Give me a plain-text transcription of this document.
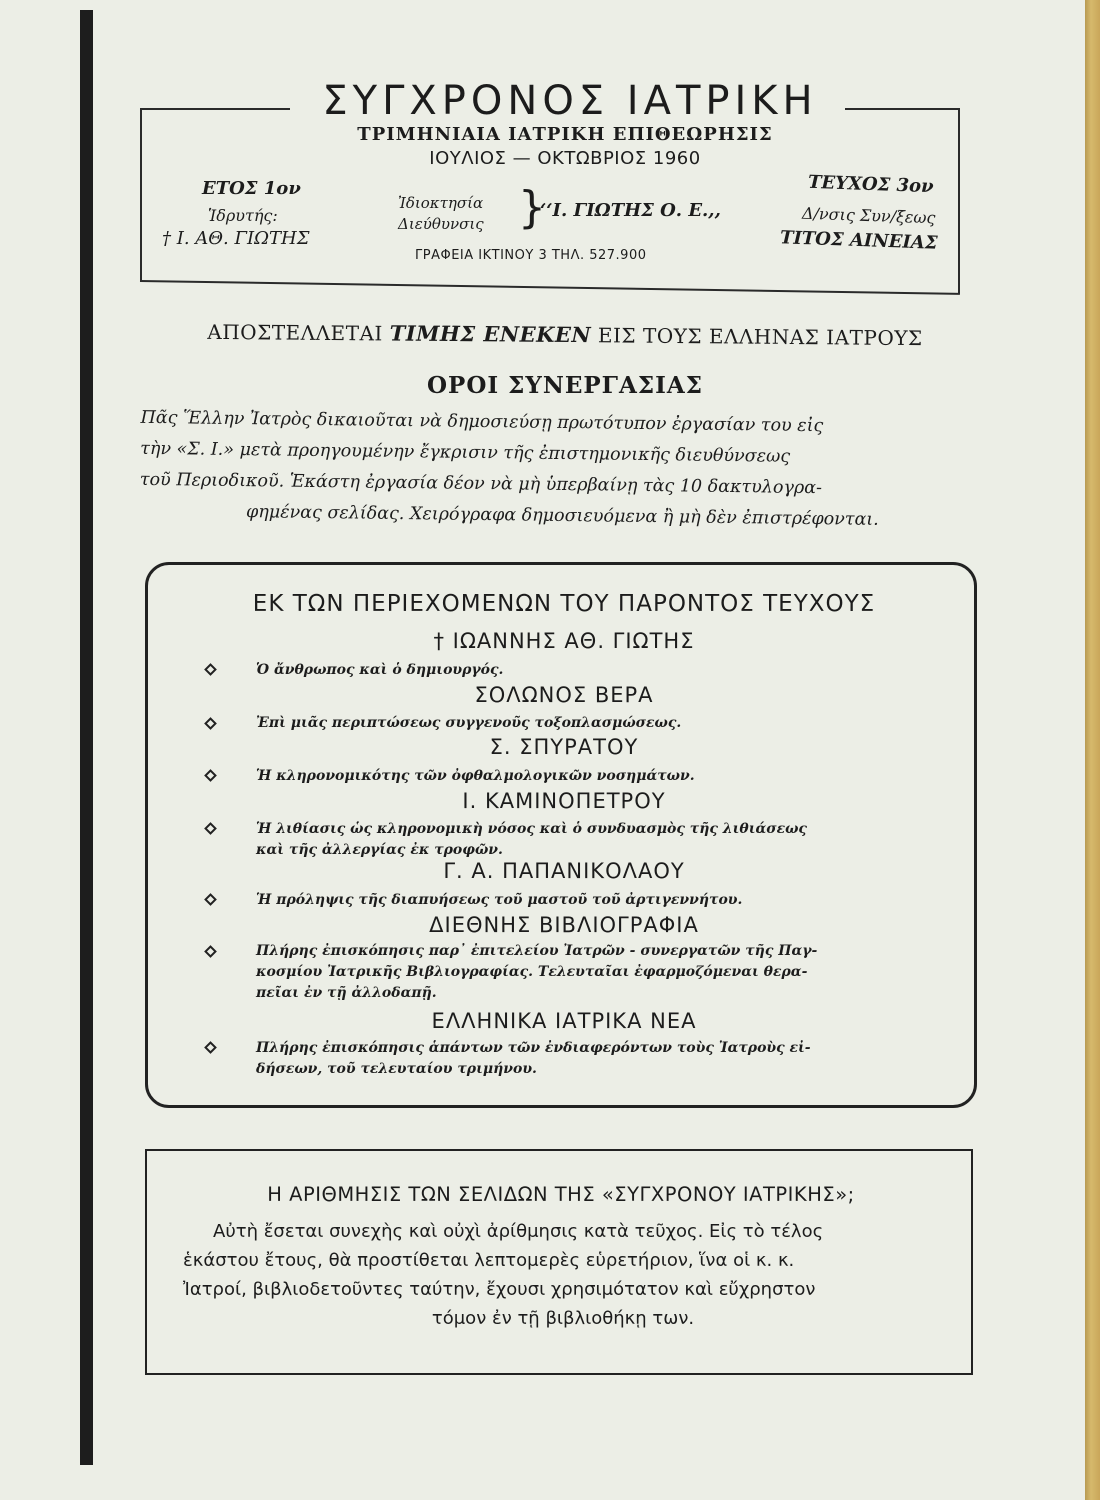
ΣΥΓΧΡΟΝΟΣ ΙΑΤΡΙΚΗ
ΤΡΙΜΗΝΙΑΙΑ ΙΑΤΡΙΚΗ ΕΠΙΘΕΩΡΗΣΙΣ
ΙΟΥΛΙΟΣ — ΟΚΤΩΒΡΙΟΣ 1960
ΕΤΟΣ 1ον
Ἱδρυτής:
† Ι. ΑΘ. ΓΙΩΤΗΣ
Ἰδιοκτησία
Διεύθυνσις }
‘‘Ι. ΓΙΩΤΗΣ Ο. Ε.,,
ΤΕΥΧΟΣ 3ον
Δ/νσις Συν/ξεως
ΤΙΤΟΣ ΑΙΝΕΙΑΣ
ΓΡΑΦΕΙΑ ΙΚΤΙΝΟΥ 3 ΤΗΛ. 527.900
ΑΠΟΣΤΕΛΛΕΤΑΙ ΤΙΜΗΣ ΕΝΕΚΕΝ ΕΙΣ ΤΟΥΣ ΕΛΛΗΝΑΣ ΙΑΤΡΟΥΣ
ΟΡΟΙ ΣΥΝΕΡΓΑΣΙΑΣ
Πᾶς Ἕλλην Ἰατρὸς δικαιοῦται νὰ δημοσιεύσῃ πρωτότυπον ἐργασίαν του εἰς
τὴν «Σ. Ι.» μετὰ προηγουμένην ἔγκρισιν τῆς ἐπιστημονικῆς διευθύνσεως
τοῦ Περιοδικοῦ. Ἑκάστη ἐργασία δέον νὰ μὴ ὑπερβαίνῃ τὰς 10 δακτυλογρα-
φημένας σελίδας. Χειρόγραφα δημοσιευόμενα ἢ μὴ δὲν ἐπιστρέφονται.
ΕΚ ΤΩΝ ΠΕΡΙΕΧΟΜΕΝΩΝ ΤΟΥ ΠΑΡΟΝΤΟΣ ΤΕΥΧΟΥΣ
† ΙΩΑΝΝΗΣ ΑΘ. ΓΙΩΤΗΣ
Ὁ ἄνθρωπος καὶ ὁ δημιουργός.
ΣΟΛΩΝΟΣ ΒΕΡΑ
Ἐπὶ μιᾶς περιπτώσεως συγγενοῦς τοξοπλασμώσεως.
Σ. ΣΠΥΡΑΤΟΥ
Ἡ κληρονομικότης τῶν ὀφθαλμολογικῶν νοσημάτων.
Ι. ΚΑΜΙΝΟΠΕΤΡΟΥ
Ἡ λιθίασις ὡς κληρονομικὴ νόσος καὶ ὁ συνδυασμὸς τῆς λιθιάσεως
καὶ τῆς ἀλλεργίας ἐκ τροφῶν.
Γ. Α. ΠΑΠΑΝΙΚΟΛΑΟΥ
Ἡ πρόληψις τῆς διαπυήσεως τοῦ μαστοῦ τοῦ ἀρτιγεννήτου.
ΔΙΕΘΝΗΣ ΒΙΒΛΙΟΓΡΑΦΙΑ
Πλήρης ἐπισκόπησις παρ᾽ ἐπιτελείου Ἰατρῶν - συνεργατῶν τῆς Παγ-
κοσμίου Ἰατρικῆς Βιβλιογραφίας. Τελευταῖαι ἐφαρμοζόμεναι θερα-
πεῖαι ἐν τῇ ἀλλοδαπῇ.
ΕΛΛΗΝΙΚΑ ΙΑΤΡΙΚΑ ΝΕΑ
Πλήρης ἐπισκόπησις ἁπάντων τῶν ἐνδιαφερόντων τοὺς Ἰατροὺς εἰ-
δήσεων, τοῦ τελευταίου τριμήνου.
Η ΑΡΙΘΜΗΣΙΣ ΤΩΝ ΣΕΛΙΔΩΝ ΤΗΣ «ΣΥΓΧΡΟΝΟΥ ΙΑΤΡΙΚΗΣ»;
Αὐτὴ ἔσεται συνεχὴς καὶ οὐχὶ ἀρίθμησις κατὰ τεῦχος. Εἰς τὸ τέλος
ἑκάστου ἔτους, θὰ προστίθεται λεπτομερὲς εὑρετήριον, ἵνα οἱ κ. κ.
Ἰατροί, βιβλιοδετοῦντες ταύτην, ἔχουσι χρησιμότατον καὶ εὔχρηστον
τόμον ἐν τῇ βιβλιοθήκῃ των.
